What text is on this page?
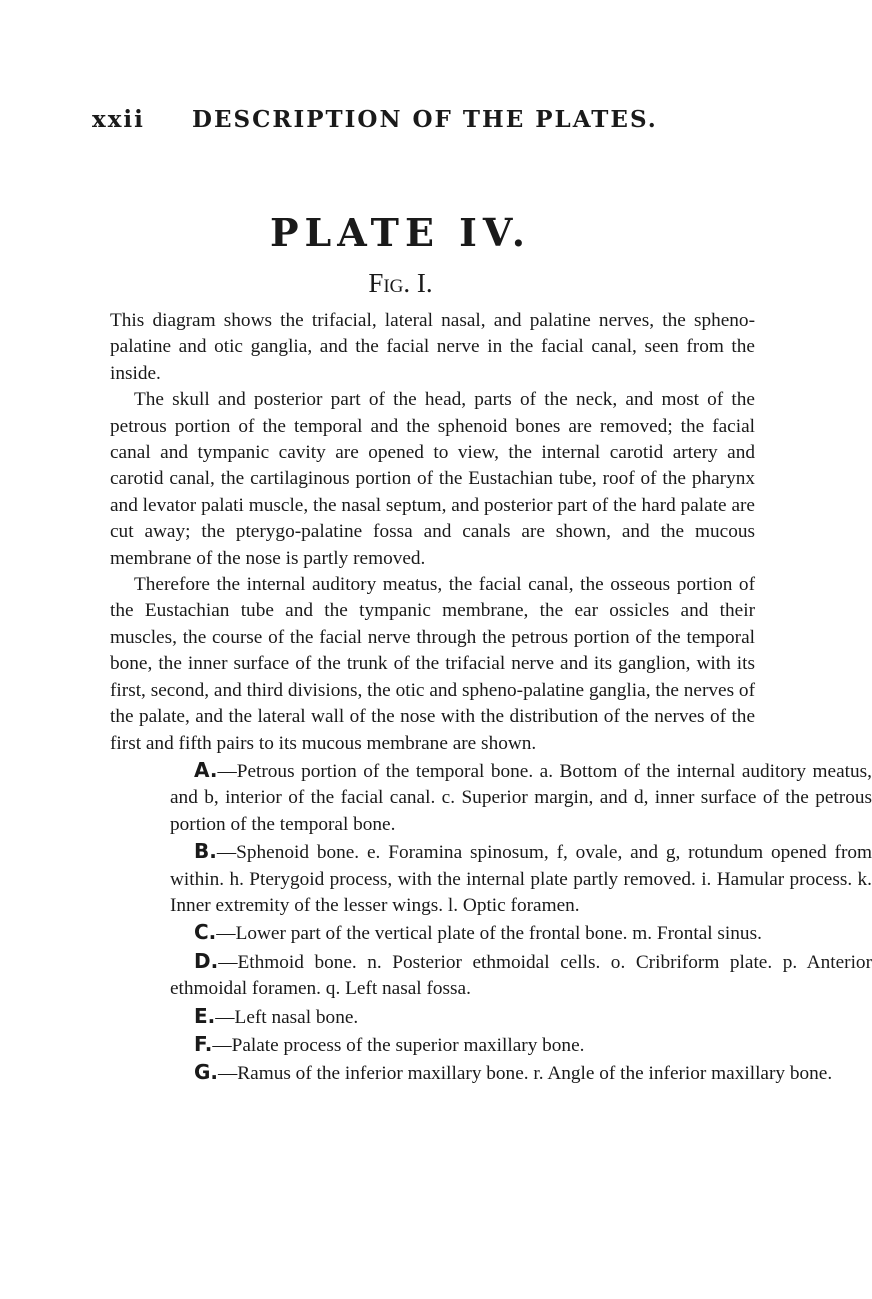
xxii DESCRIPTION OF THE PLATES.
PLATE IV.
Fig. I.

This diagram shows the trifacial, lateral nasal, and palatine nerves, the spheno-palatine and otic ganglia, and the facial nerve in the facial canal, seen from the inside.

The skull and posterior part of the head, parts of the neck, and most of the petrous portion of the temporal and the sphenoid bones are removed; the facial canal and tympanic cavity are opened to view, the internal carotid artery and carotid canal, the cartilaginous portion of the Eustachian tube, roof of the pharynx and levator palati muscle, the nasal septum, and posterior part of the hard palate are cut away; the pterygo-palatine fossa and canals are shown, and the mucous membrane of the nose is partly removed.

Therefore the internal auditory meatus, the facial canal, the osseous portion of the Eustachian tube and the tympanic membrane, the ear ossicles and their muscles, the course of the facial nerve through the petrous portion of the temporal bone, the inner surface of the trunk of the trifacial nerve and its ganglion, with its first, second, and third divisions, the otic and spheno-palatine ganglia, the nerves of the palate, and the lateral wall of the nose with the distribution of the nerves of the first and fifth pairs to its mucous membrane are shown.

A.—Petrous portion of the temporal bone. a. Bottom of the internal auditory meatus, and b, interior of the facial canal. c. Superior margin, and d, inner surface of the petrous portion of the temporal bone.

B.—Sphenoid bone. e. Foramina spinosum, f, ovale, and g, rotundum opened from within. h. Pterygoid process, with the internal plate partly removed. i. Hamular process. k. Inner extremity of the lesser wings. l. Optic foramen.

C.—Lower part of the vertical plate of the frontal bone. m. Frontal sinus.

D.—Ethmoid bone. n. Posterior ethmoidal cells. o. Cribriform plate. p. Anterior ethmoidal foramen. q. Left nasal fossa.

E.—Left nasal bone.

F.—Palate process of the superior maxillary bone.

G.—Ramus of the inferior maxillary bone. r. Angle of the inferior maxillary bone.
